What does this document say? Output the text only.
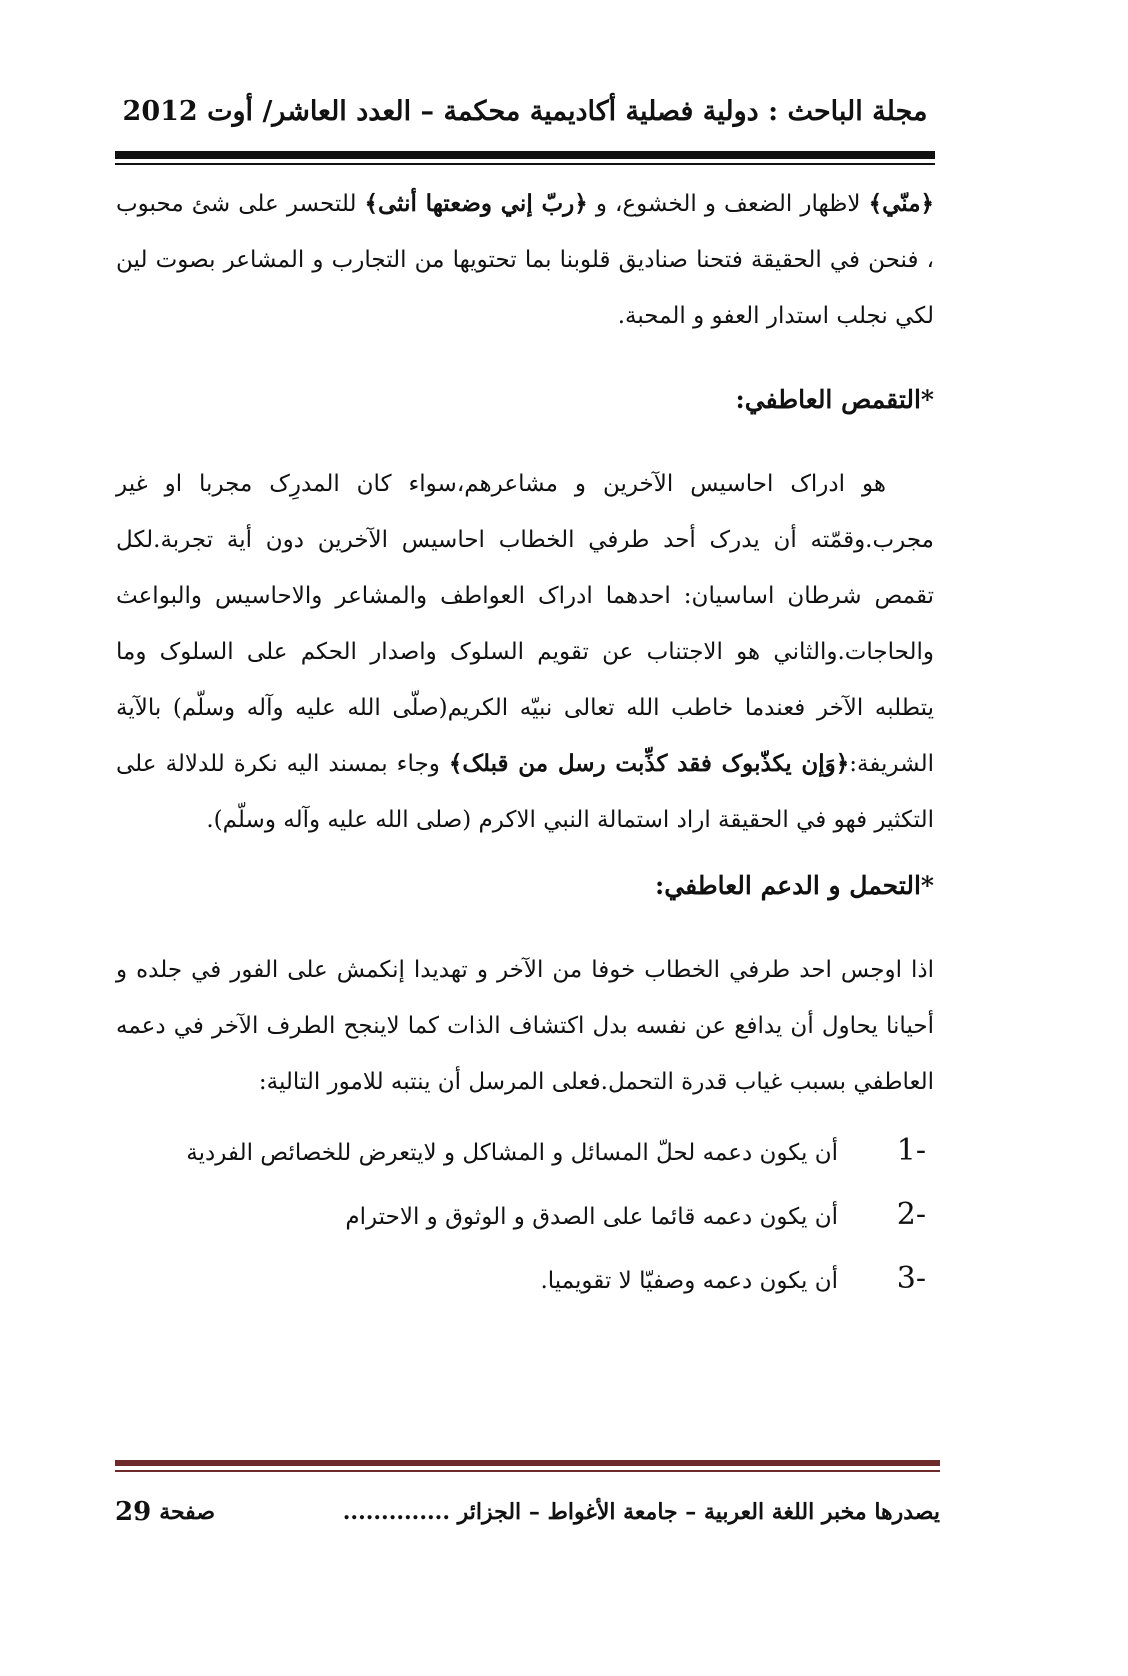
مجلة الباحث : دولية فصلية أكاديمية محكمة – العدد العاشر/ أوت 2012

﴿منّي﴾ لاظهار الضعف و الخشوع، و ﴿ربّ إني وضعتها أنثى﴾ للتحسر على شئ محبوب ، فنحن في الحقيقة فتحنا صناديق قلوبنا بما تحتويها من التجارب و المشاعر بصوت لين لكي نجلب استدار العفو و المحبة.

*التقمص العاطفي:

هو ادراک احاسيس الآخرين و مشاعرهم،سواء كان المدرِک مجربا او غير مجرب.وقمّته أن يدرک أحد طرفي الخطاب احاسيس الآخرين دون أية تجربة.لکل تقمص شرطان اساسيان: احدهما ادراک العواطف والمشاعر والاحاسيس والبواعث والحاجات.والثاني هو الاجتناب عن تقويم السلوک واصدار الحکم على السلوک وما يتطلبه الآخر فعندما خاطب الله تعالى نبيّه الکريم(صلّى الله عليه وآله وسلّم) بالآية الشريفة:﴿وَإن يکذّبوک فقد کذِّبت رسل من قبلک﴾ وجاء بمسند اليه نکرة للدلالة على التکثير فهو في الحقيقة اراد استمالة النبي الاكرم (صلى الله عليه وآله وسلّم).

*التحمل و الدعم العاطفي:

اذا اوجس احد طرفي الخطاب خوفا من الآخر و تهديدا إنکمش على الفور في جلده و أحيانا يحاول أن يدافع عن نفسه بدل اکتشاف الذات کما لاينجح الطرف الآخر في دعمه العاطفي بسبب غياب قدرة التحمل.فعلى المرسل أن ينتبه للامور التالية:

1-
أن يكون دعمه لحلّ المسائل و المشاكل و لايتعرض للخصائص الفردية
2-
أن يكون دعمه قائما على الصدق و الوثوق و الاحترام
3-
أن يكون دعمه وصفيّا لا تقويميا.
يصدرها مخبر اللغة العربية – جامعة الأغواط – الجزائر ..............
صفحة
29
